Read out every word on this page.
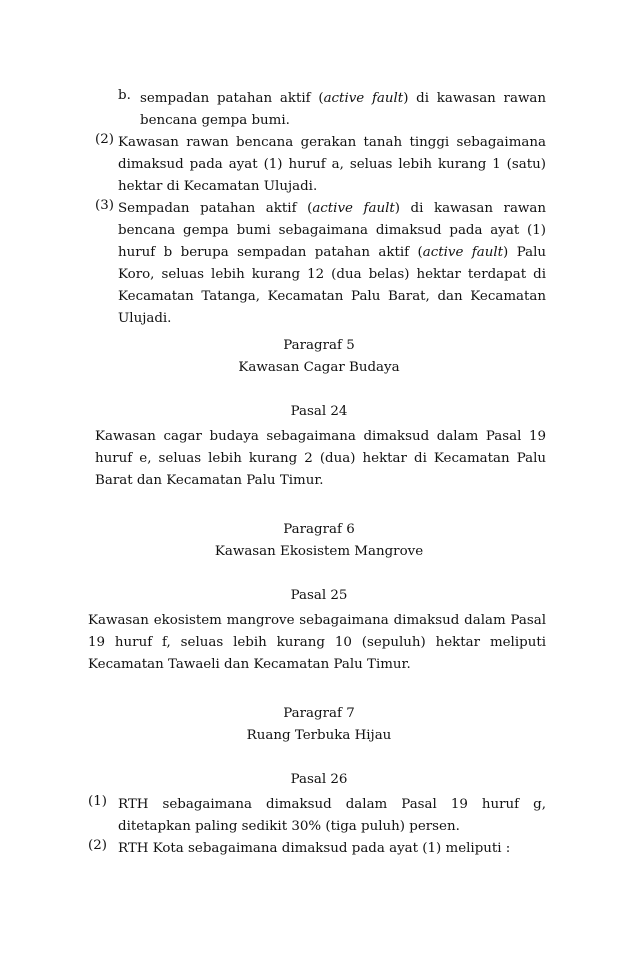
b. sempadan patahan aktif (active fault) di kawasan rawan bencana gempa bumi.
(2) Kawasan rawan bencana gerakan tanah tinggi sebagaimana dimaksud pada ayat (1) huruf a, seluas lebih kurang 1 (satu) hektar di Kecamatan Ulujadi.
(3) Sempadan patahan aktif (active fault) di kawasan rawan bencana gempa bumi sebagaimana dimaksud pada ayat (1) huruf b berupa sempadan patahan aktif (active fault) Palu Koro, seluas lebih kurang 12 (dua belas) hektar terdapat di Kecamatan Tatanga, Kecamatan Palu Barat, dan Kecamatan Ulujadi.
Paragraf 5
Kawasan Cagar Budaya
Pasal 24
Kawasan cagar budaya sebagaimana dimaksud dalam Pasal 19 huruf e, seluas lebih kurang 2 (dua) hektar di Kecamatan Palu Barat dan Kecamatan Palu Timur.
Paragraf 6
Kawasan Ekosistem Mangrove
Pasal 25
Kawasan ekosistem mangrove sebagaimana dimaksud dalam Pasal 19 huruf f, seluas lebih kurang 10 (sepuluh) hektar meliputi Kecamatan Tawaeli dan Kecamatan Palu Timur.
Paragraf 7
Ruang Terbuka Hijau
Pasal 26
(1) RTH sebagaimana dimaksud dalam Pasal 19 huruf g, ditetapkan paling sedikit 30% (tiga puluh) persen.
(2) RTH Kota sebagaimana dimaksud pada ayat (1) meliputi :
